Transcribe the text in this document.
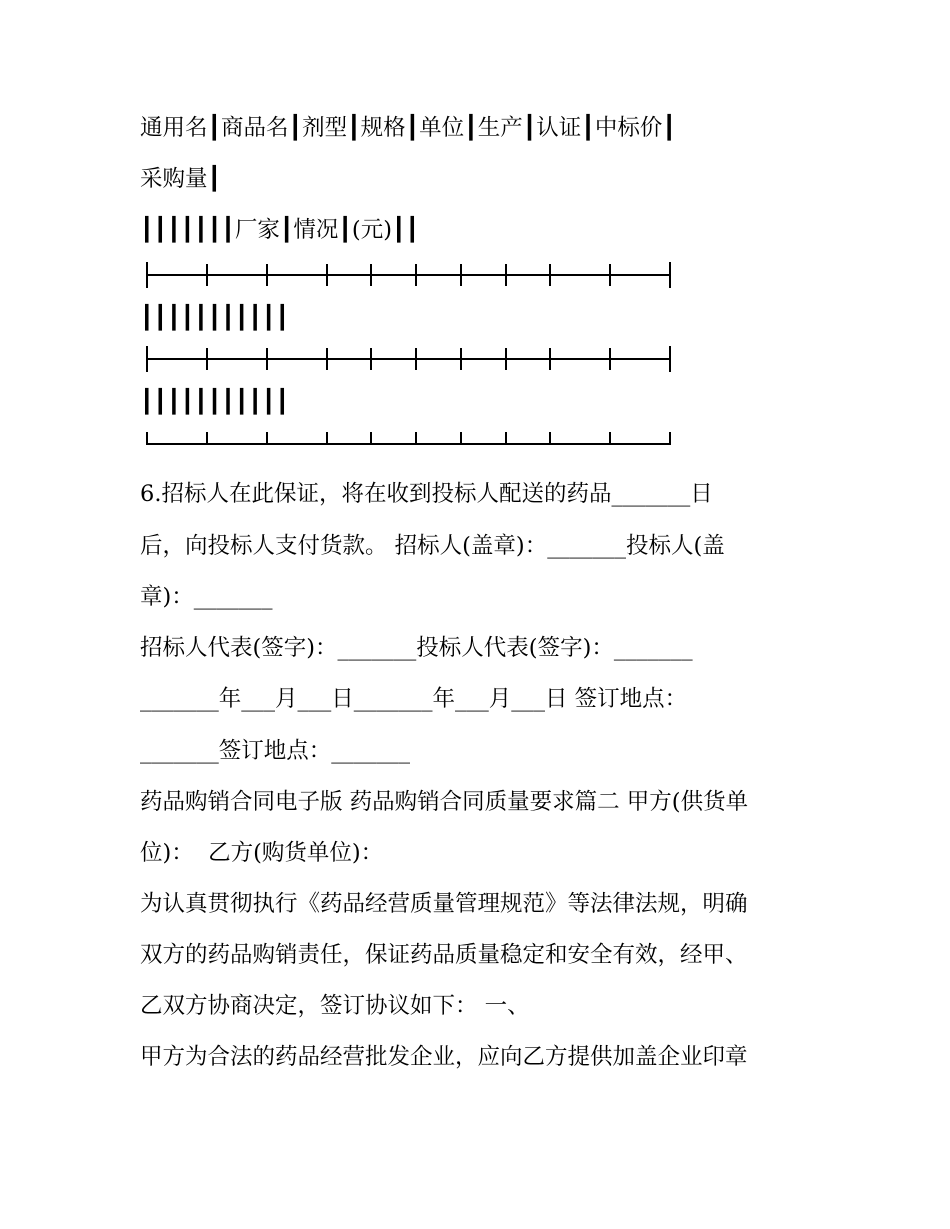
通用名┃商品名┃剂型┃规格┃单位┃生产┃认证┃中标价┃
采购量┃
┃┃┃┃┃┃┃厂家┃情况┃(元)┃┃
┃┃┃┃┃┃┃┃┃┃┃
┃┃┃┃┃┃┃┃┃┃┃
6.招标人在此保证，将在收到投标人配送的药品_______日
后，向投标人支付货款。 招标人(盖章)：_______投标人(盖
章)：_______
招标人代表(签字)：_______投标人代表(签字)：_______
_______年___月___日_______年___月___日 签订地点：
_______签订地点：_______
药品购销合同电子版 药品购销合同质量要求篇二 甲方(供货单
位)：  乙方(购货单位)：
为认真贯彻执行《药品经营质量管理规范》等法律法规，明确
双方的药品购销责任，保证药品质量稳定和安全有效，经甲、
乙双方协商决定，签订协议如下： 一、
甲方为合法的药品经营批发企业，应向乙方提供加盖企业印章
